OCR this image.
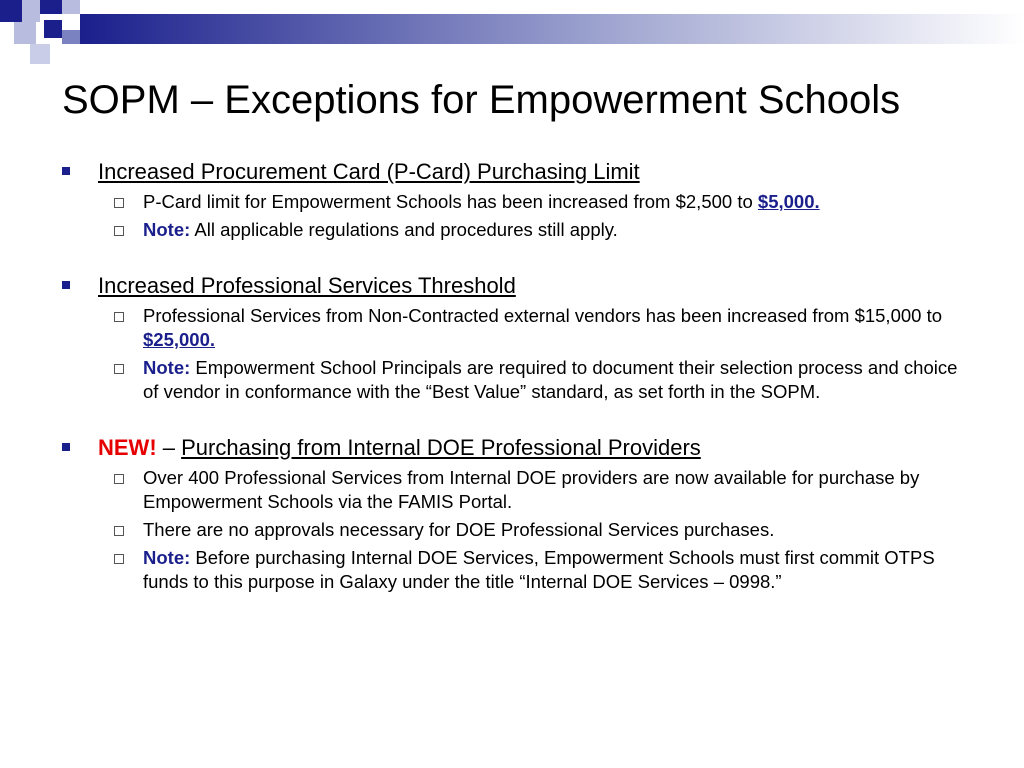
SOPM – Exceptions for Empowerment Schools
Increased Procurement Card (P-Card) Purchasing Limit
P-Card limit for Empowerment Schools has been increased from $2,500 to $5,000.
Note: All applicable regulations and procedures still apply.
Increased Professional Services Threshold
Professional Services from Non-Contracted external vendors has been increased from $15,000 to $25,000.
Note: Empowerment School Principals are required to document their selection process and choice of vendor in conformance with the “Best Value” standard, as set forth in the SOPM.
NEW! – Purchasing from Internal DOE Professional Providers
Over 400 Professional Services from Internal DOE providers are now available for purchase by Empowerment Schools via the FAMIS Portal.
There are no approvals necessary for DOE Professional Services purchases.
Note: Before purchasing Internal DOE Services, Empowerment Schools must first commit OTPS funds to this purpose in Galaxy under the title “Internal DOE Services – 0998.”
